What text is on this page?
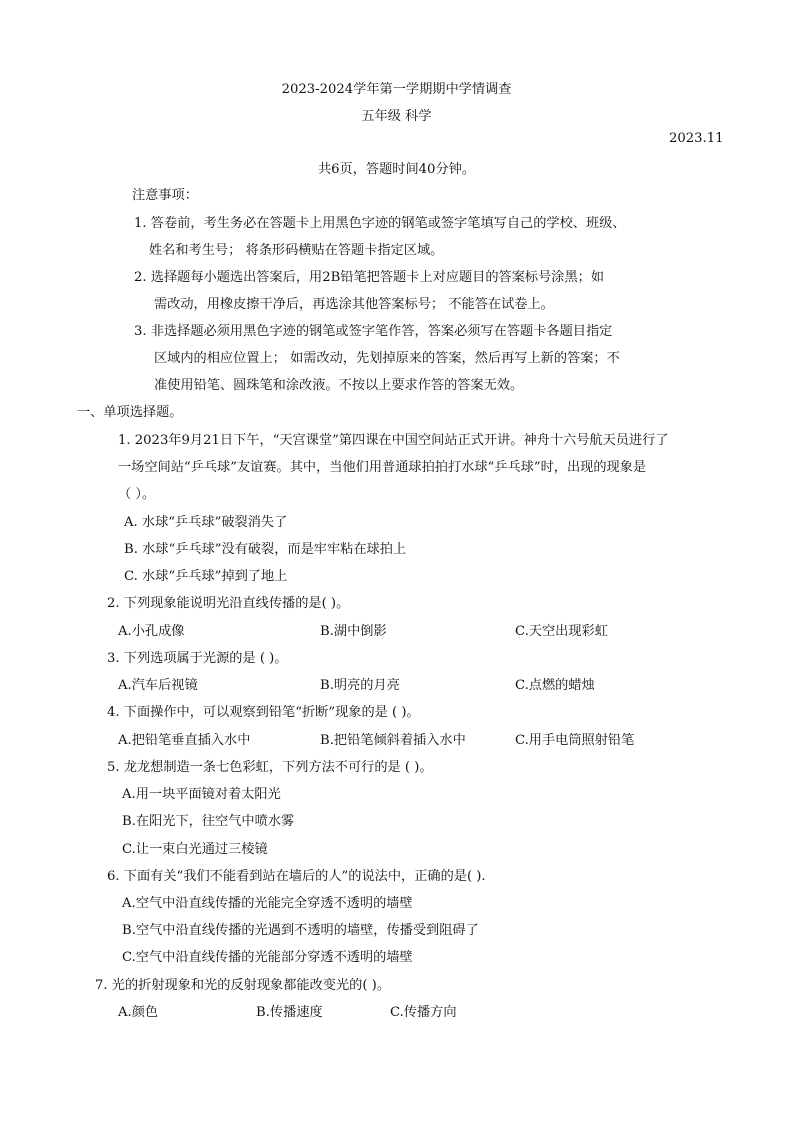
2023-2024学年第一学期期中学情调查
五年级 科学
2023.11
共6页，答题时间40分钟。
注意事项：
1. 答卷前，考生务必在答题卡上用黑色字迹的钢笔或签字笔填写自己的学校、班级、
姓名和考生号； 将条形码横贴在答题卡指定区域。
2. 选择题每小题选出答案后，用2B铅笔把答题卡上对应题目的答案标号涂黑；如
需改动，用橡皮擦干净后，再选涂其他答案标号； 不能答在试卷上。
3. 非选择题必须用黑色字迹的钢笔或签字笔作答，答案必须写在答题卡各题目指定
区域内的相应位置上； 如需改动，先划掉原来的答案，然后再写上新的答案；不
准使用铅笔、圆珠笔和涂改液。不按以上要求作答的答案无效。
一、单项选择题。
1. 2023年9月21日下午，“天宫课堂”第四课在中国空间站正式开讲。神舟十六号航天员进行了
一场空间站“乒乓球”友谊赛。其中，当他们用普通球拍拍打水球“乒乓球”时，出现的现象是
（ ）。
A. 水球“乒乓球”破裂消失了
B. 水球“乒乓球”没有破裂，而是牢牢粘在球拍上
C. 水球“乒乓球”掉到了地上
2. 下列现象能说明光沿直线传播的是( )。
A.小孔成像	B.湖中倒影	C.天空出现彩虹
3. 下列选项属于光源的是 ( )。
A.汽车后视镜	B.明亮的月亮	C.点燃的蜡烛
4. 下面操作中，可以观察到铅笔“折断”现象的是 ( )。
A.把铅笔垂直插入水中	B.把铅笔倾斜着插入水中	C.用手电筒照射铅笔
5. 龙龙想制造一条七色彩虹，下列方法不可行的是 ( )。
A.用一块平面镜对着太阳光
B.在阳光下，往空气中喷水雾
C.让一束白光通过三棱镜
6. 下面有关“我们不能看到站在墙后的人”的说法中，正确的是( ).
A.空气中沿直线传播的光能完全穿透不透明的墙壁
B.空气中沿直线传播的光遇到不透明的墙壁，传播受到阻碍了
C.空气中沿直线传播的光能部分穿透不透明的墙壁
7. 光的折射现象和光的反射现象都能改变光的( )。
A.颜色	B.传播速度	C.传播方向
